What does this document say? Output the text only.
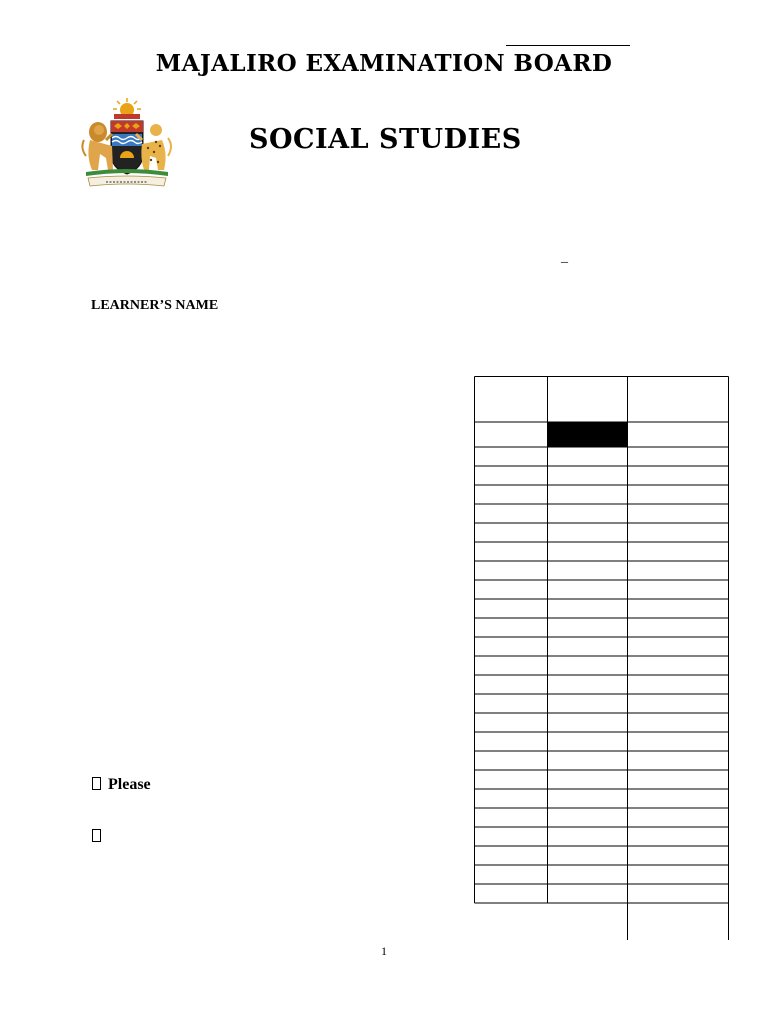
MAJALIRO EXAMINATION BOARD
SOCIAL STUDIES
_
LEARNER’S NAME
Please
1
